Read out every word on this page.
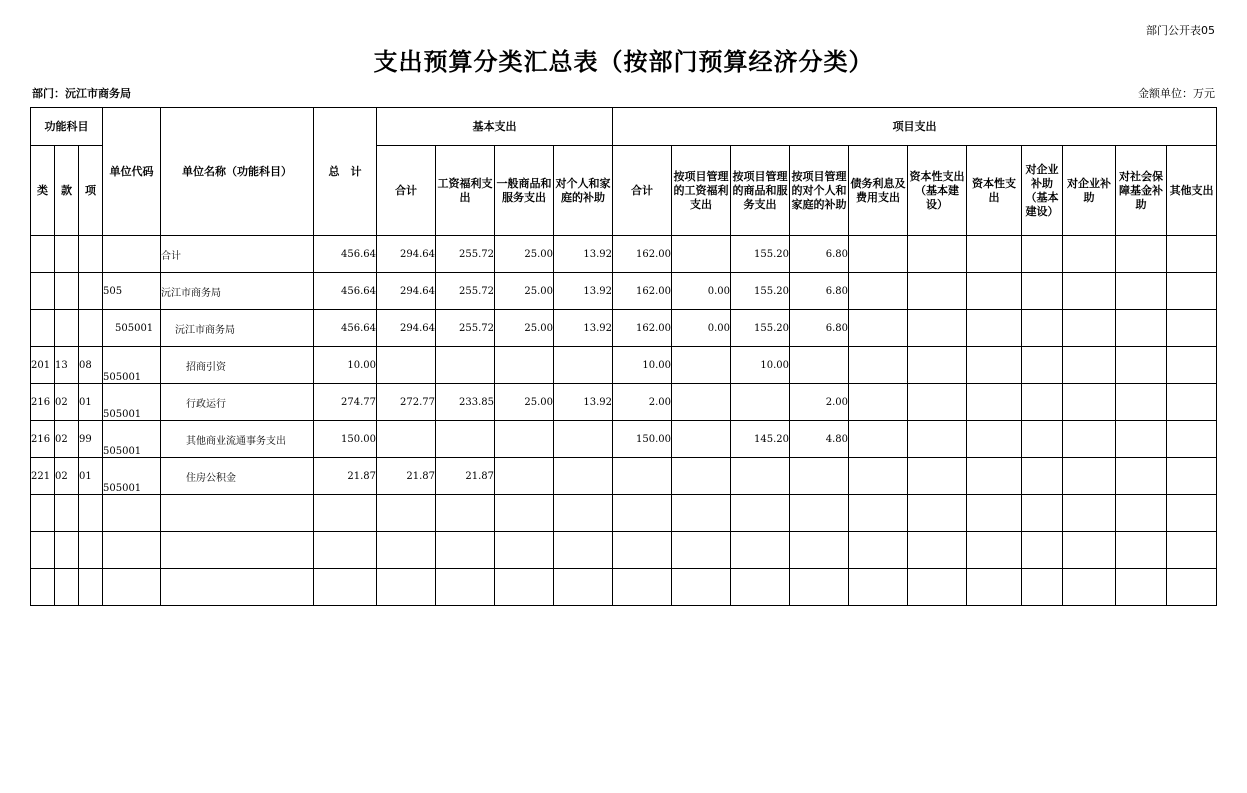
部门公开表05
支出预算分类汇总表（按部门预算经济分类）
部门：沅江市商务局	金额单位：万元
功能科目			单位代码	单位名称（功能科目）	总　计	基本支出				项目支出										
类	款	项				合计	工资福利支出	一般商品和服务支出	对个人和家庭的补助	合计	按项目管理的工资福利支出	按项目管理的商品和服务支出	按项目管理的对个人和家庭的补助	债务利息及费用支出	资本性支出（基本建设）	资本性支出	对企业补助（基本建设）	对企业补助	对社会保障基金补助	其他支出
				合计	456.64	294.64	255.72	25.00	13.92	162.00		155.20	6.80							
			505	沅江市商务局	456.64	294.64	255.72	25.00	13.92	162.00	0.00	155.20	6.80							
			505001	沅江市商务局	456.64	294.64	255.72	25.00	13.92	162.00	0.00	155.20	6.80							
201	13	08	505001	招商引资	10.00					10.00		10.00								
216	02	01	505001	行政运行	274.77	272.77	233.85	25.00	13.92	2.00			2.00							
216	02	99	505001	其他商业流通事务支出	150.00					150.00		145.20	4.80							
221	02	01	505001	住房公积金	21.87	21.87	21.87													
